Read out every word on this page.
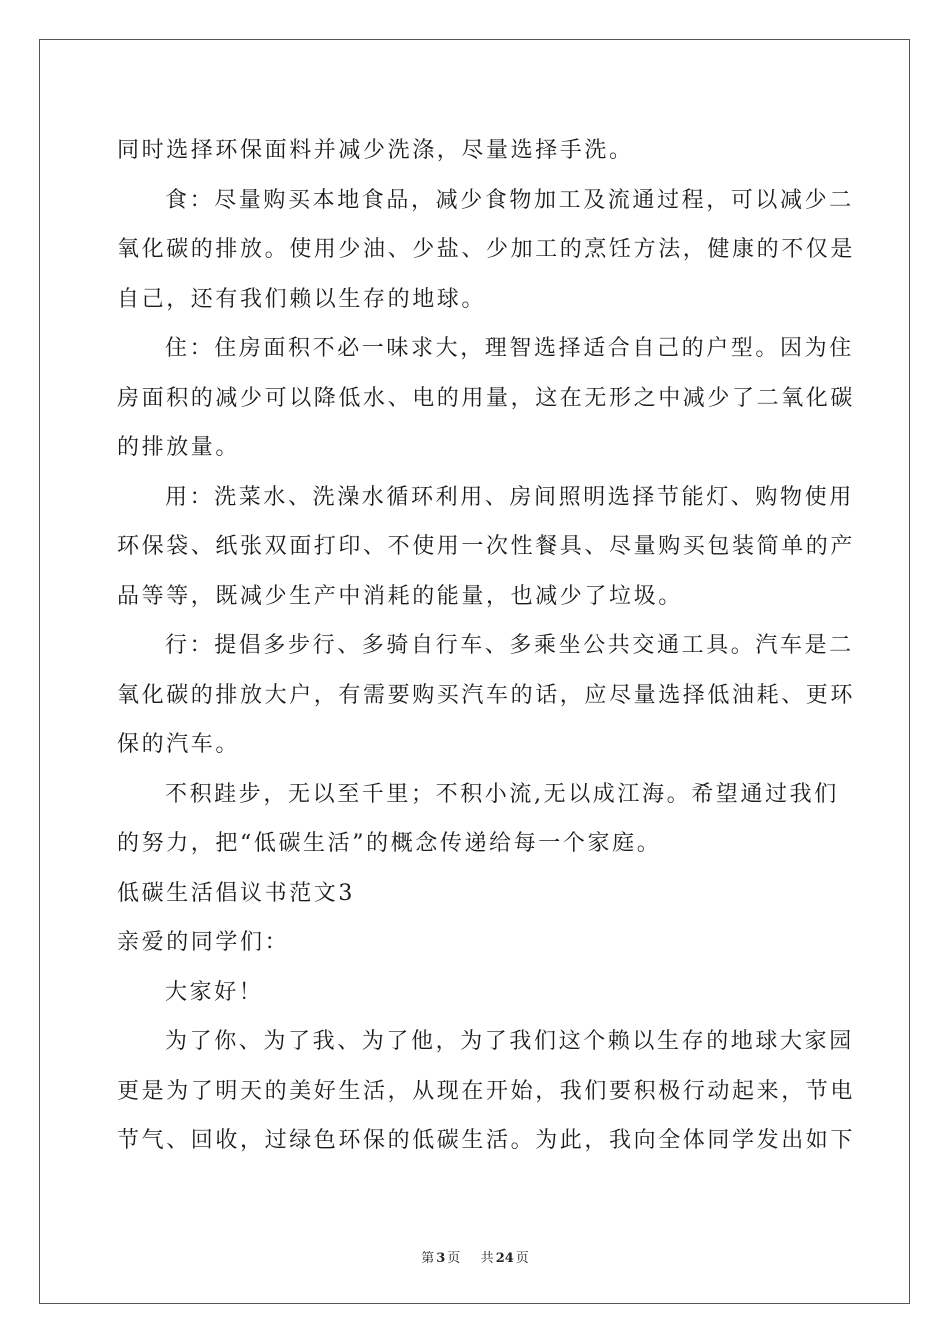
同时选择环保面料并减少洗涤，尽量选择手洗。
食：尽量购买本地食品，减少食物加工及流通过程，可以减少二
氧化碳的排放。使用少油、少盐、少加工的烹饪方法，健康的不仅是
自己，还有我们赖以生存的地球。
住：住房面积不必一味求大，理智选择适合自己的户型。因为住
房面积的减少可以降低水、电的用量，这在无形之中减少了二氧化碳
的排放量。
用：洗菜水、洗澡水循环利用、房间照明选择节能灯、购物使用
环保袋、纸张双面打印、不使用一次性餐具、尽量购买包装简单的产
品等等，既减少生产中消耗的能量，也减少了垃圾。
行：提倡多步行、多骑自行车、多乘坐公共交通工具。汽车是二
氧化碳的排放大户，有需要购买汽车的话，应尽量选择低油耗、更环
保的汽车。
不积跬步，无以至千里；不积小流,无以成江海。希望通过我们
的努力，把“低碳生活”的概念传递给每一个家庭。
低碳生活倡议书范文3
亲爱的同学们：
大家好！
为了你、为了我、为了他，为了我们这个赖以生存的地球大家园
更是为了明天的美好生活，从现在开始，我们要积极行动起来，节电
节气、回收，过绿色环保的低碳生活。为此，我向全体同学发出如下
第 3 页 共 24 页
